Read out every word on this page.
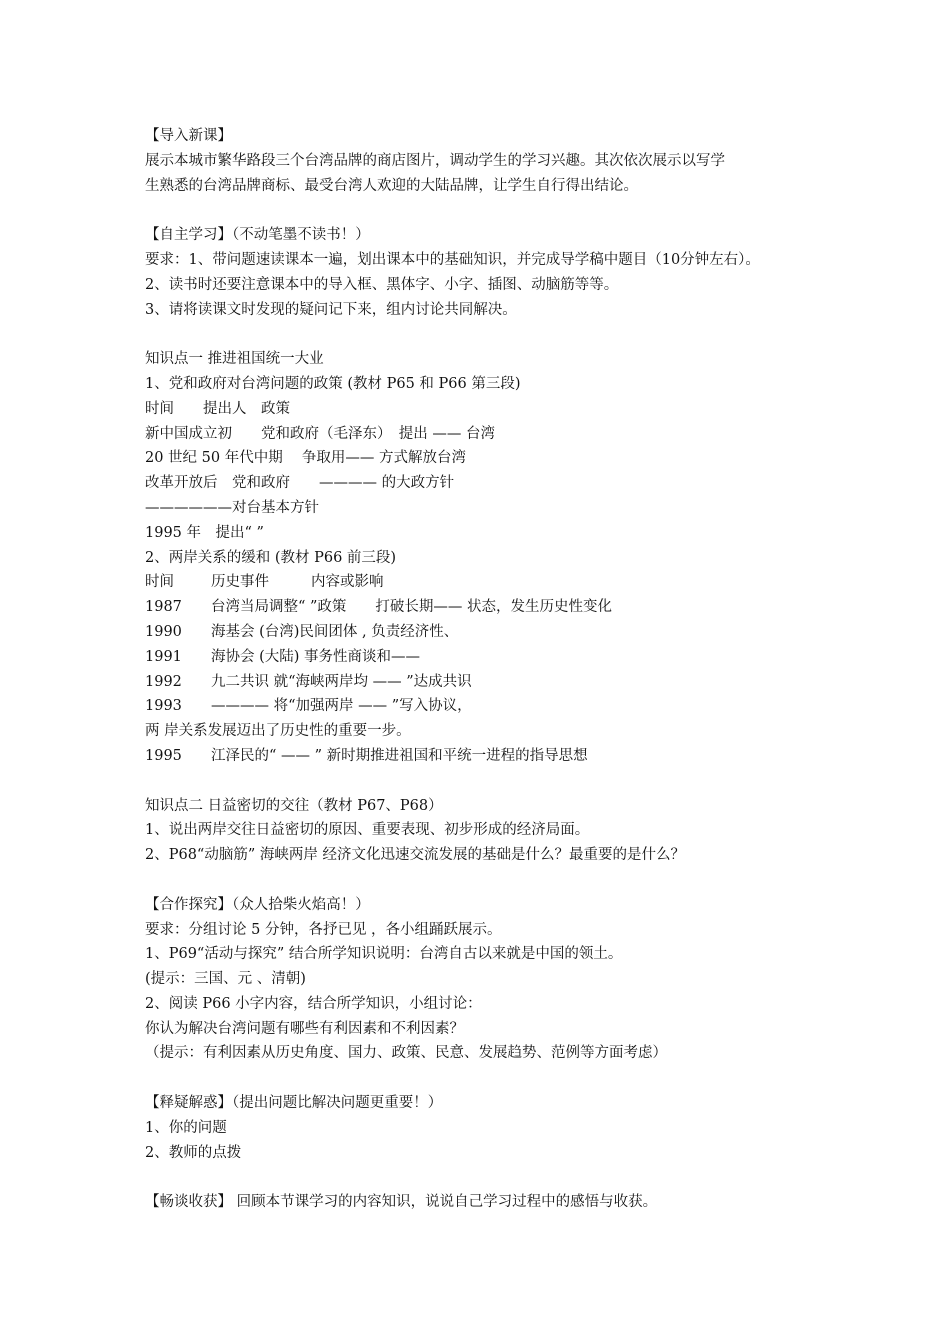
【导入新课】
展示本城市繁华路段三个台湾品牌的商店图片，调动学生的学习兴趣。其次依次展示以写学
生熟悉的台湾品牌商标、最受台湾人欢迎的大陆品牌，让学生自行得出结论。
【自主学习】（不动笔墨不读书！）
要求：1、带问题速读课本一遍，划出课本中的基础知识，并完成导学稿中题目（10分钟左右）。
2、读书时还要注意课本中的导入框、黑体字、小字、插图、动脑筋等等。
3、请将读课文时发现的疑问记下来，组内讨论共同解决。
知识点一 推进祖国统一大业
1、党和政府对台湾问题的政策 (教材 P65 和 P66 第三段)
时间　　提出人　政策
新中国成立初　　党和政府（毛泽东）　提出 —— 台湾
20 世纪 50 年代中期　 争取用—— 方式解放台湾
改革开放后　党和政府　　———— 的大政方针
——————对台基本方针
1995 年　提出“ ”
2、两岸关系的缓和 (教材 P66 前三段)
时间	历史事件	内容或影响
1987 台湾当局调整“ ”政策　　打破长期—— 状态，发生历史性变化
1990 海基会 (台湾)民间团体 , 负责经济性、
1991 海协会 (大陆) 事务性商谈和——
1992 九二共识 就“海峡两岸均 —— ”达成共识
1993 ———— 将“加强两岸 —— ”写入协议，
两 岸关系发展迈出了历史性的重要一步。
1995 江泽民的“ —— ” 新时期推进祖国和平统一进程的指导思想
知识点二 日益密切的交往（教材 P67、P68）
1、说出两岸交往日益密切的原因、重要表现、初步形成的经济局面。
2、P68“动脑筋” 海峡两岸 经济文化迅速交流发展的基础是什么？最重要的是什么？
【合作探究】（众人拾柴火焰高！）
要求：分组讨论 5 分钟，各抒已见 ，各小组踊跃展示。
1、P69“活动与探究” 结合所学知识说明：台湾自古以来就是中国的领土。
(提示：三国、元 、清朝)
2、阅读 P66 小字内容，结合所学知识，小组讨论：
你认为解决台湾问题有哪些有利因素和不利因素？
（提示：有利因素从历史角度、国力、政策、民意、发展趋势、范例等方面考虑）
【释疑解惑】（提出问题比解决问题更重要！）
1、你的问题
2、教师的点拨
【畅谈收获】 回顾本节课学习的内容知识，说说自己学习过程中的感悟与收获。
